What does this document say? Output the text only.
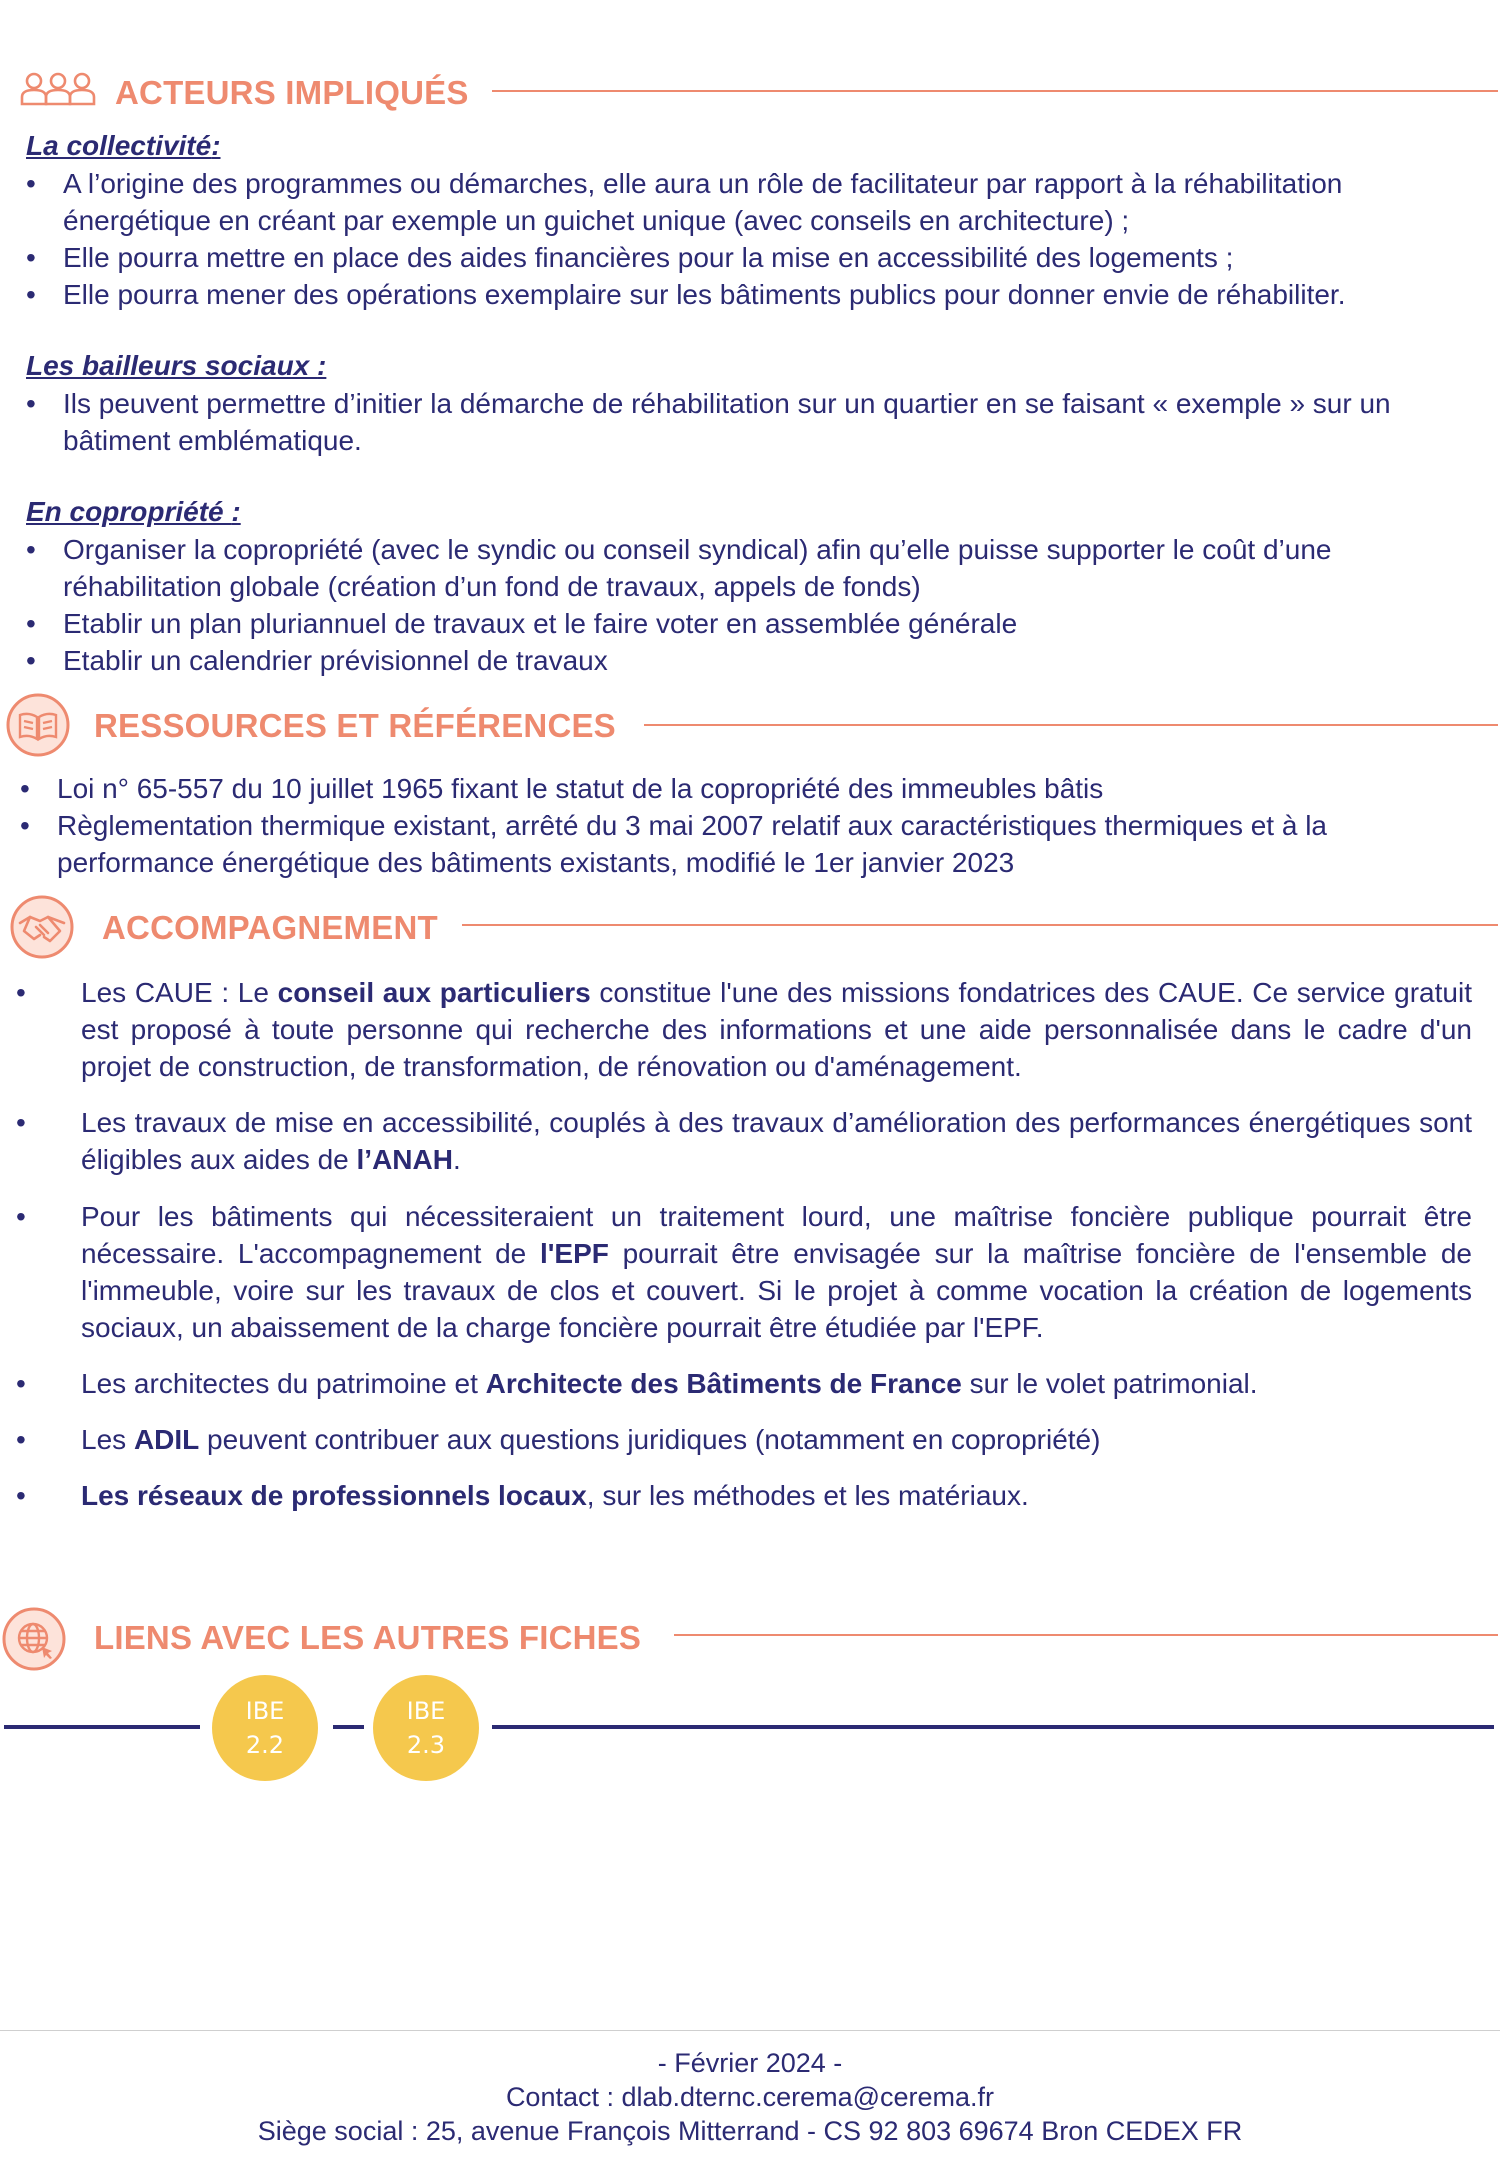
ACTEURS IMPLIQUÉS
La collectivité:
• A l’origine des programmes ou démarches, elle aura un rôle de facilitateur par rapport à la réhabilitation énergétique en créant par exemple un guichet unique (avec conseils en architecture) ;
• Elle pourra mettre en place des aides financières pour la mise en accessibilité des logements ;
• Elle pourra mener des opérations exemplaire sur les bâtiments publics pour donner envie de réhabiliter.
Les bailleurs sociaux :
• Ils peuvent permettre d’initier la démarche de réhabilitation sur un quartier en se faisant « exemple » sur un bâtiment emblématique.
En copropriété :
• Organiser la copropriété (avec le syndic ou conseil syndical) afin qu’elle puisse supporter le coût d’une réhabilitation globale (création d’un fond de travaux, appels de fonds)
• Etablir un plan pluriannuel de travaux et le faire voter en assemblée générale
• Etablir un calendrier prévisionnel de travaux
RESSOURCES ET RÉFÉRENCES
• Loi n° 65-557 du 10 juillet 1965 fixant le statut de la copropriété des immeubles bâtis
• Règlementation thermique existant, arrêté du 3 mai 2007 relatif aux caractéristiques thermiques et à la performance énergétique des bâtiments existants, modifié le 1er janvier 2023
ACCOMPAGNEMENT
• Les CAUE : Le conseil aux particuliers constitue l'une des missions fondatrices des CAUE. Ce service gratuit est proposé à toute personne qui recherche des informations et une aide personnalisée dans le cadre d'un projet de construction, de transformation, de rénovation ou d'aménagement.
• Les travaux de mise en accessibilité, couplés à des travaux d’amélioration des performances énergétiques sont éligibles aux aides de l’ANAH.
• Pour les bâtiments qui nécessiteraient un traitement lourd, une maîtrise foncière publique pourrait être nécessaire. L'accompagnement de l'EPF pourrait être envisagée sur la maîtrise foncière de l'ensemble de l'immeuble, voire sur les travaux de clos et couvert. Si le projet à comme vocation la création de logements sociaux, un abaissement de la charge foncière pourrait être étudiée par l'EPF.
• Les architectes du patrimoine et Architecte des Bâtiments de France sur le volet patrimonial.
• Les ADIL peuvent contribuer aux questions juridiques (notamment en copropriété)
• Les réseaux de professionnels locaux, sur les méthodes et les matériaux.
LIENS AVEC LES AUTRES FICHES
IBE
2.2
IBE
2.3
- Février 2024 -
Contact : dlab.dternc.cerema@cerema.fr
Siège social : 25, avenue François Mitterrand - CS 92 803 69674 Bron CEDEX FR
